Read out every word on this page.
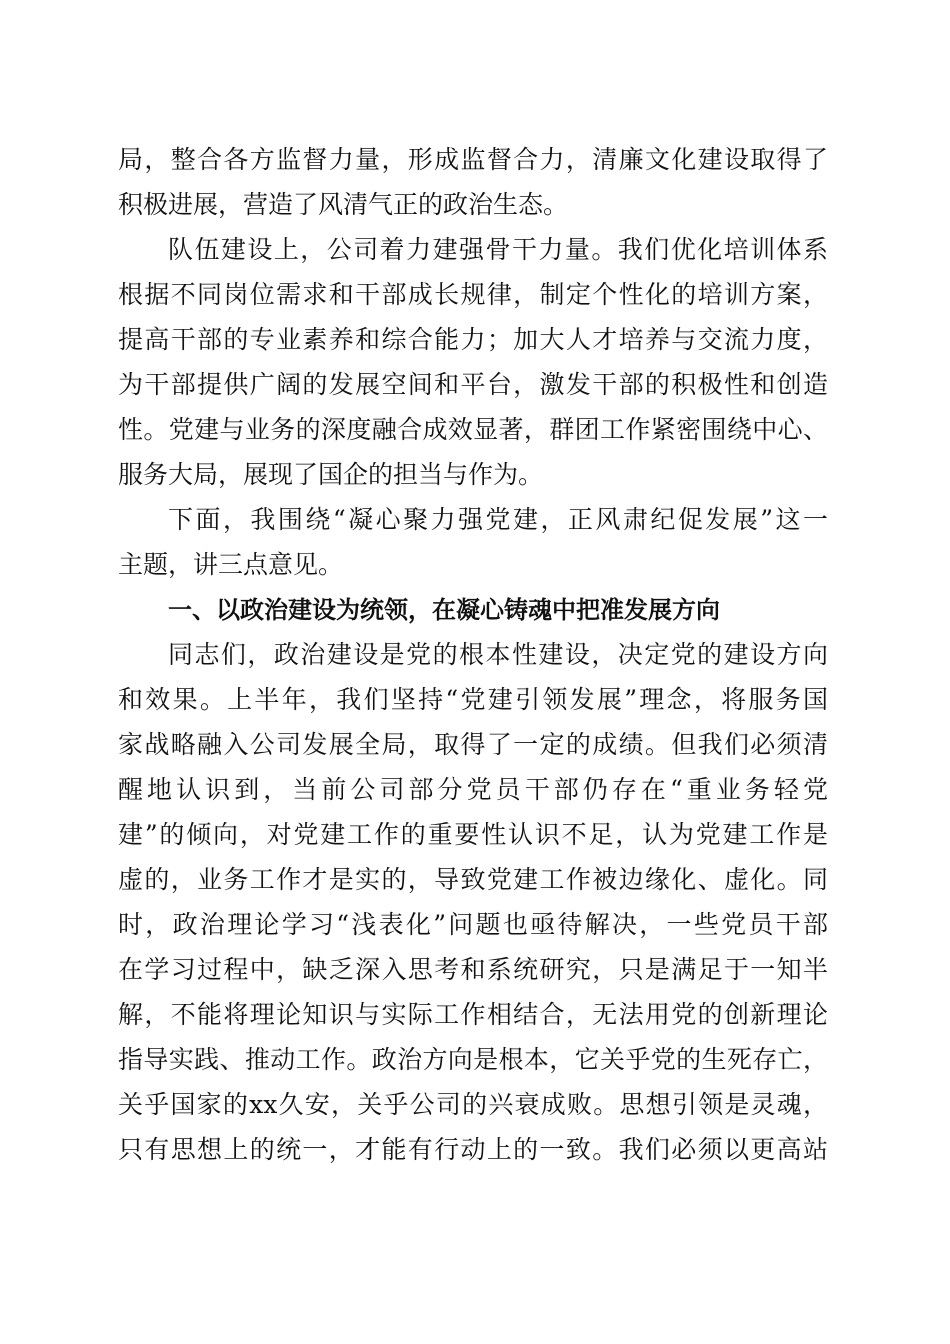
局，整合各方监督力量，形成监督合力，清廉文化建设取得了
积极进展，营造了风清气正的政治生态。
队伍建设上，公司着力建强骨干力量。我们优化培训体系
根据不同岗位需求和干部成长规律，制定个性化的培训方案，
提高干部的专业素养和综合能力；加大人才培养与交流力度，
为干部提供广阔的发展空间和平台，激发干部的积极性和创造
性。党建与业务的深度融合成效显著，群团工作紧密围绕中心、
服务大局，展现了国企的担当与作为。
下面，我围绕“凝心聚力强党建，正风肃纪促发展”这一
主题，讲三点意见。
一、以政治建设为统领，在凝心铸魂中把准发展方向
同志们，政治建设是党的根本性建设，决定党的建设方向
和效果。上半年，我们坚持“党建引领发展”理念，将服务国
家战略融入公司发展全局，取得了一定的成绩。但我们必须清
醒地认识到，当前公司部分党员干部仍存在“重业务轻党
建”的倾向，对党建工作的重要性认识不足，认为党建工作是
虚的，业务工作才是实的，导致党建工作被边缘化、虚化。同
时，政治理论学习“浅表化”问题也亟待解决，一些党员干部
在学习过程中，缺乏深入思考和系统研究，只是满足于一知半
解，不能将理论知识与实际工作相结合，无法用党的创新理论
指导实践、推动工作。政治方向是根本，它关乎党的生死存亡，
关乎国家的xx久安，关乎公司的兴衰成败。思想引领是灵魂，
只有思想上的统一，才能有行动上的一致。我们必须以更高站
